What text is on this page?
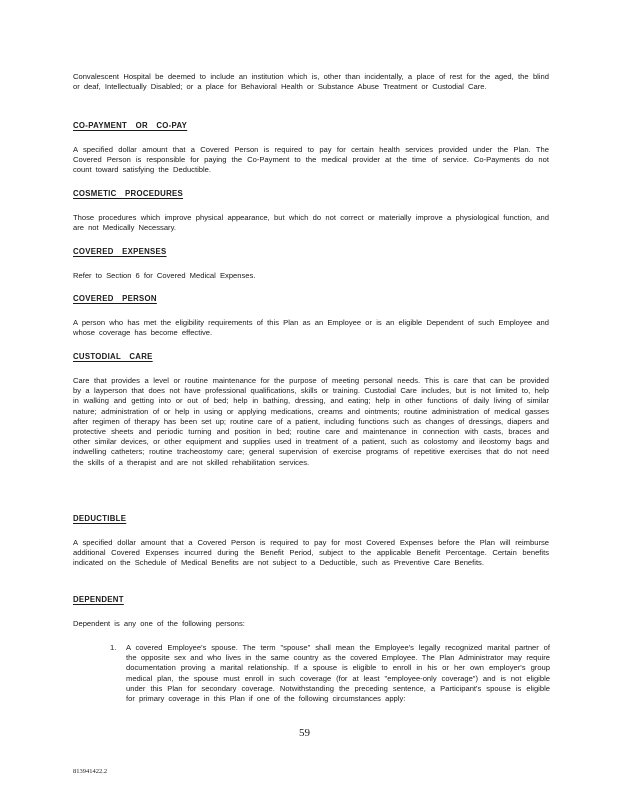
Convalescent Hospital be deemed to include an institution which is, other than incidentally, a place of rest for the aged, the blind or deaf, Intellectually Disabled; or a place for Behavioral Health or Substance Abuse Treatment or Custodial Care.

CO-PAYMENT OR CO-PAY

A specified dollar amount that a Covered Person is required to pay for certain health services provided under the Plan. The Covered Person is responsible for paying the Co-Payment to the medical provider at the time of service. Co-Payments do not count toward satisfying the Deductible.

COSMETIC PROCEDURES

Those procedures which improve physical appearance, but which do not correct or materially improve a physiological function, and are not Medically Necessary.

COVERED EXPENSES

Refer to Section 6 for Covered Medical Expenses.

COVERED PERSON

A person who has met the eligibility requirements of this Plan as an Employee or is an eligible Dependent of such Employee and whose coverage has become effective.

CUSTODIAL CARE

Care that provides a level or routine maintenance for the purpose of meeting personal needs. This is care that can be provided by a layperson that does not have professional qualifications, skills or training. Custodial Care includes, but is not limited to, help in walking and getting into or out of bed; help in bathing, dressing, and eating; help in other functions of daily living of similar nature; administration of or help in using or applying medications, creams and ointments; routine administration of medical gasses after regimen of therapy has been set up; routine care of a patient, including functions such as changes of dressings, diapers and protective sheets and periodic turning and position in bed; routine care and maintenance in connection with casts, braces and other similar devices, or other equipment and supplies used in treatment of a patient, such as colostomy and ileostomy bags and indwelling catheters; routine tracheostomy care; general supervision of exercise programs of repetitive exercises that do not need the skills of a therapist and are not skilled rehabilitation services.

DEDUCTIBLE

A specified dollar amount that a Covered Person is required to pay for most Covered Expenses before the Plan will reimburse additional Covered Expenses incurred during the Benefit Period, subject to the applicable Benefit Percentage. Certain benefits indicated on the Schedule of Medical Benefits are not subject to a Deductible, such as Preventive Care Benefits.

DEPENDENT

Dependent is any one of the following persons:

1.	A covered Employee's spouse. The term "spouse" shall mean the Employee's legally recognized marital partner of the opposite sex and who lives in the same country as the covered Employee. The Plan Administrator may require documentation proving a marital relationship. If a spouse is eligible to enroll in his or her own employer's group medical plan, the spouse must enroll in such coverage (for at least "employee-only coverage") and is not eligible under this Plan for secondary coverage. Notwithstanding the preceding sentence, a Participant's spouse is eligible for primary coverage in this Plan if one of the following circumstances apply:

59

813941422.2
